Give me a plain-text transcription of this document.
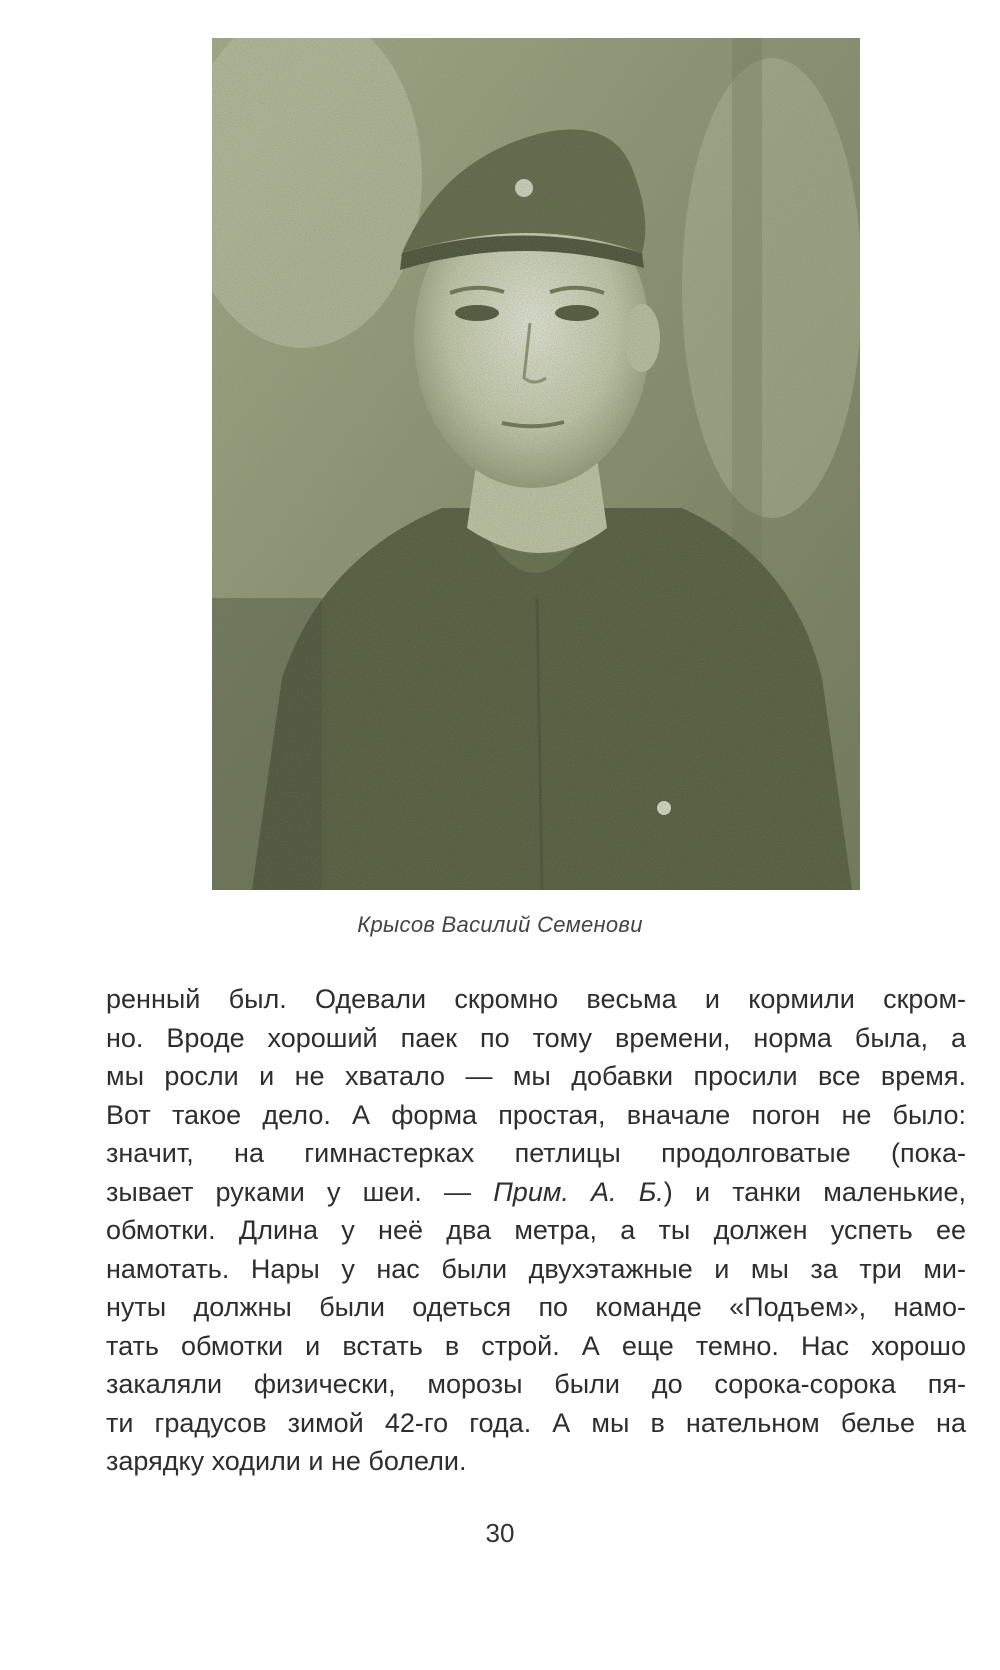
Крысов Василий Семенови
ренный был. Одевали скромно весьма и кормили скром-
но. Вроде хороший паек по тому времени, норма была, а
мы росли и не хватало — мы добавки просили все время.
Вот такое дело. А форма простая, вначале погон не было:
значит, на гимнастерках петлицы продолговатые (пока-
зывает руками у шеи. — Прим. А. Б.) и танки маленькие,
обмотки. Длина у неё два метра, а ты должен успеть ее
намотать. Нары у нас были двухэтажные и мы за три ми-
нуты должны были одеться по команде «Подъем», намо-
тать обмотки и встать в строй. А еще темно. Нас хорошо
закаляли физически, морозы были до сорока-сорока пя-
ти градусов зимой 42-го года. А мы в нательном белье на
зарядку ходили и не болели.
30
